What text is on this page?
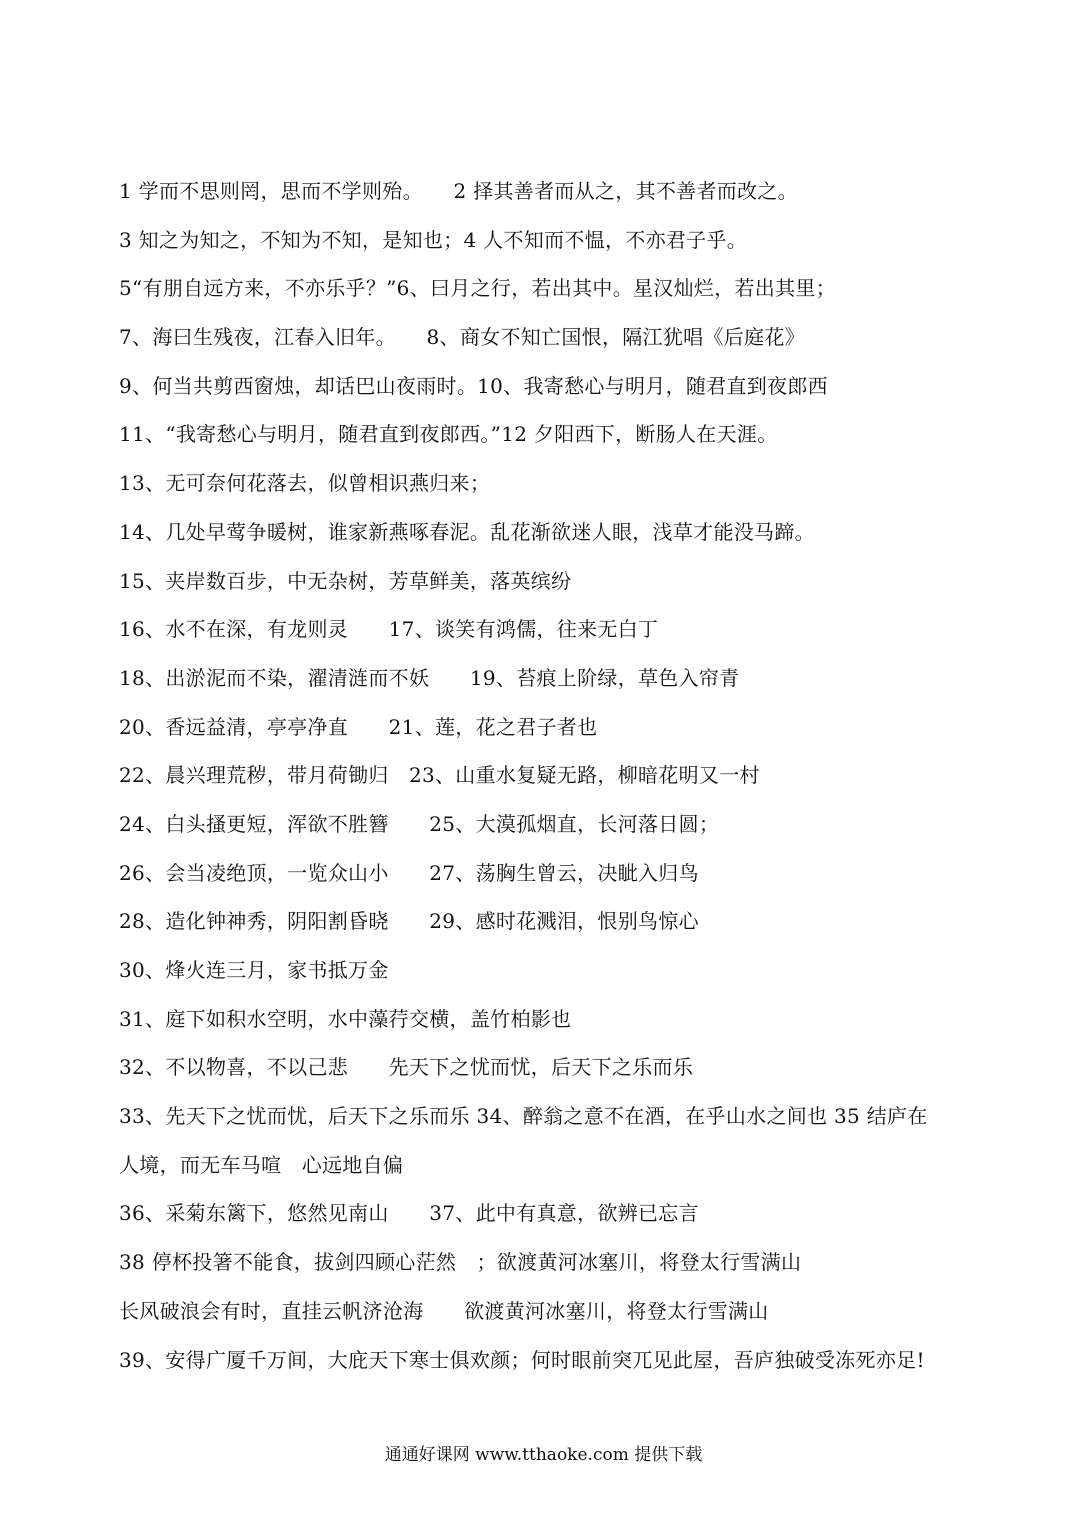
1 学而不思则罔，思而不学则殆。　　2 择其善者而从之，其不善者而改之。
3 知之为知之，不知为不知，是知也；4 人不知而不愠，不亦君子乎。
5“有朋自远方来，不亦乐乎？”6、曰月之行，若出其中。星汉灿烂，若出其里；
7、海曰生残夜，江春入旧年。　　8、商女不知亡国恨，隔江犹唱《后庭花》
9、何当共剪西窗烛，却话巴山夜雨时。10、我寄愁心与明月，随君直到夜郎西
11、“我寄愁心与明月，随君直到夜郎西。”12 夕阳西下，断肠人在天涯。
13、无可奈何花落去，似曾相识燕归来；
14、几处早莺争暖树，谁家新燕啄春泥。乱花渐欲迷人眼，浅草才能没马蹄。
15、夹岸数百步，中无杂树，芳草鲜美，落英缤纷
16、水不在深，有龙则灵　　17、谈笑有鸿儒，往来无白丁
18、出淤泥而不染，濯清涟而不妖　　19、苔痕上阶绿，草色入帘青
20、香远益清，亭亭净直　　21、莲，花之君子者也
22、晨兴理荒秽，带月荷锄归　23、山重水复疑无路，柳暗花明又一村
24、白头搔更短，浑欲不胜簪　　25、大漠孤烟直，长河落日圆；
26、会当凌绝顶，一览众山小　　27、荡胸生曾云，决眦入归鸟
28、造化钟神秀，阴阳割昏晓　　29、感时花溅泪，恨别鸟惊心
30、烽火连三月，家书抵万金
31、庭下如积水空明，水中藻荇交横，盖竹柏影也
32、不以物喜，不以己悲　　先天下之忧而忧，后天下之乐而乐
33、先天下之忧而忧，后天下之乐而乐 34、醉翁之意不在酒，在乎山水之间也 35 结庐在
人境，而无车马喧　心远地自偏
36、采菊东篱下，悠然见南山　　37、此中有真意，欲辨已忘言
38 停杯投箸不能食，拔剑四顾心茫然　；欲渡黄河冰塞川，将登太行雪满山
长风破浪会有时，直挂云帆济沧海　　欲渡黄河冰塞川，将登太行雪满山
39、安得广厦千万间，大庇天下寒士俱欢颜；何时眼前突兀见此屋，吾庐独破受冻死亦足!
通通好课网 www.tthaoke.com 提供下载
